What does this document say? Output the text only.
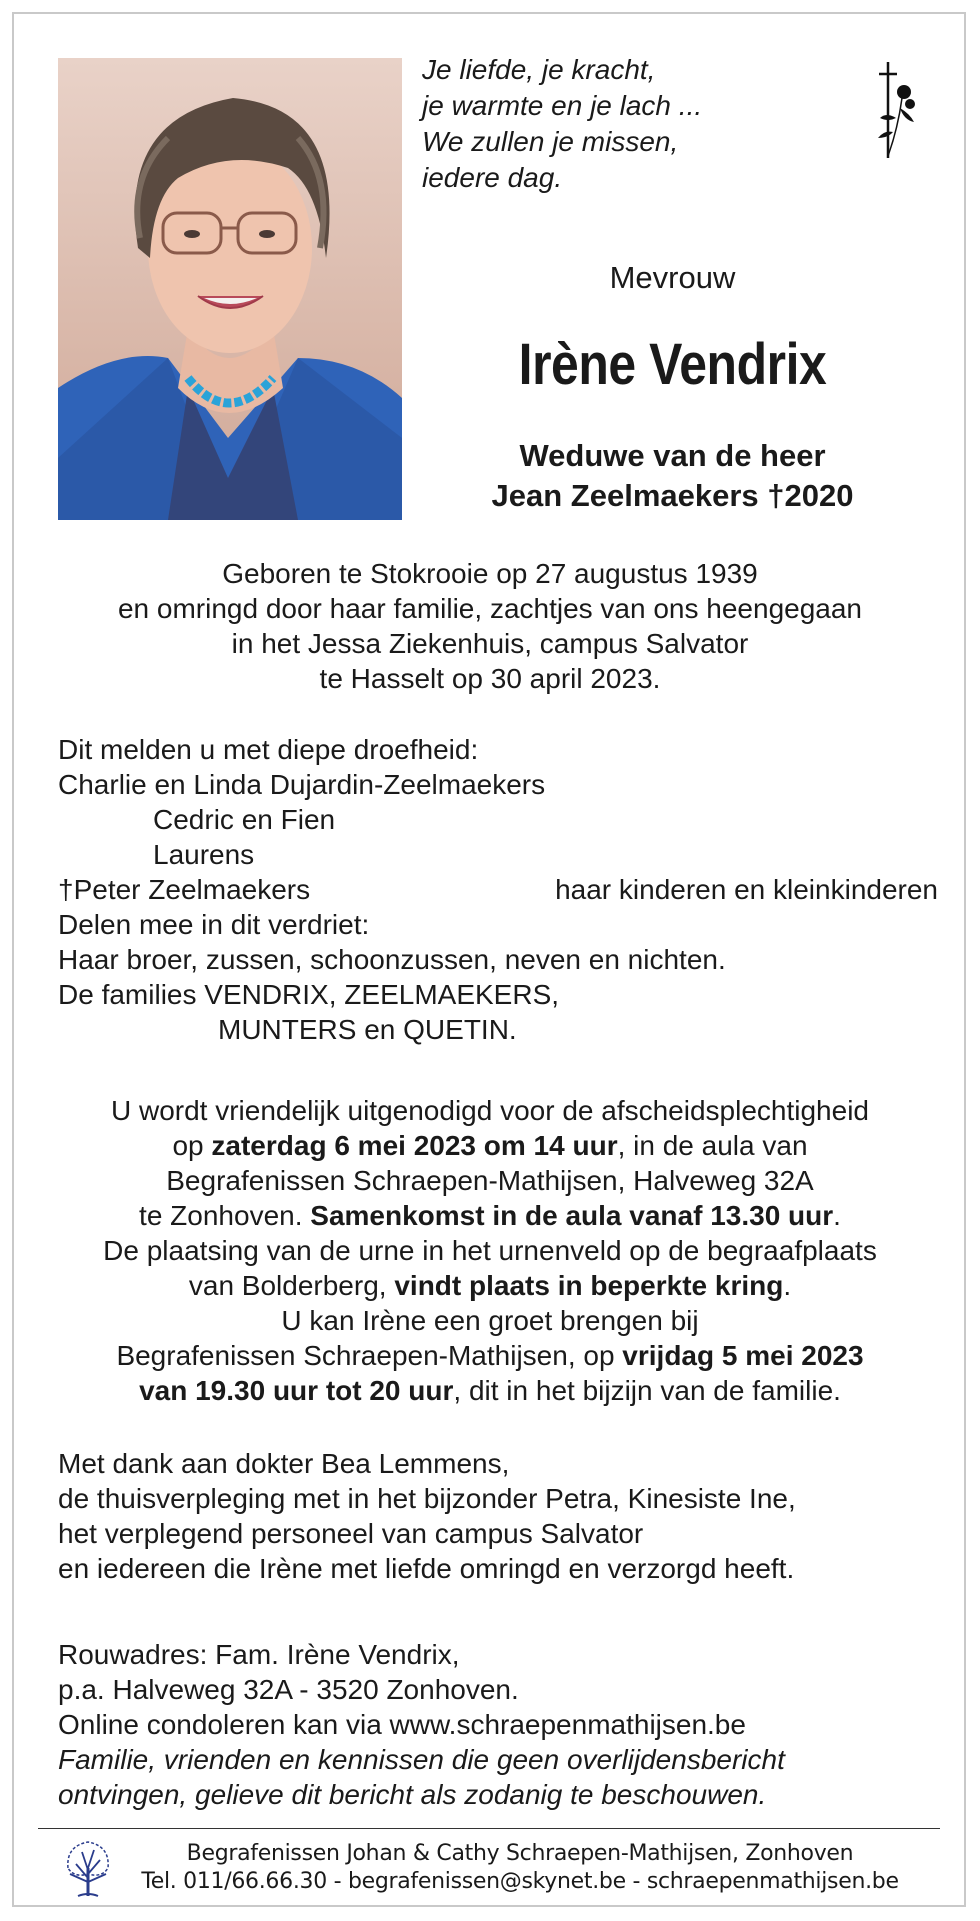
Je liefde, je kracht,
je warmte en je lach ...
We zullen je missen,
iedere dag.
Mevrouw
Irène Vendrix
Weduwe van de heer
Jean Zeelmaekers †2020
Geboren te Stokrooie op 27 augustus 1939
en omringd door haar familie, zachtjes van ons heengegaan
in het Jessa Ziekenhuis, campus Salvator
te Hasselt op 30 april 2023.
Dit melden u met diepe droefheid:
Charlie en Linda Dujardin-Zeelmaekers
Cedric en Fien
Laurens
†Peter Zeelmaekers	haar kinderen en kleinkinderen
Delen mee in dit verdriet:
Haar broer, zussen, schoonzussen, neven en nichten.
De families VENDRIX, ZEELMAEKERS,
MUNTERS en QUETIN.
U wordt vriendelijk uitgenodigd voor de afscheidsplechtigheid
op zaterdag 6 mei 2023 om 14 uur, in de aula van
Begrafenissen Schraepen-Mathijsen, Halveweg 32A
te Zonhoven. Samenkomst in de aula vanaf 13.30 uur.
De plaatsing van de urne in het urnenveld op de begraafplaats
van Bolderberg, vindt plaats in beperkte kring.
U kan Irène een groet brengen bij
Begrafenissen Schraepen-Mathijsen, op vrijdag 5 mei 2023
van 19.30 uur tot 20 uur, dit in het bijzijn van de familie.
Met dank aan dokter Bea Lemmens,
de thuisverpleging met in het bijzonder Petra, Kinesiste Ine,
het verplegend personeel van campus Salvator
en iedereen die Irène met liefde omringd en verzorgd heeft.
Rouwadres: Fam. Irène Vendrix,
p.a. Halveweg 32A - 3520 Zonhoven.
Online condoleren kan via www.schraepenmathijsen.be
Familie, vrienden en kennissen die geen overlijdensbericht
ontvingen, gelieve dit bericht als zodanig te beschouwen.
Begrafenissen Johan & Cathy Schraepen-Mathijsen, Zonhoven
Tel. 011/66.66.30 - begrafenissen@skynet.be - schraepenmathijsen.be
